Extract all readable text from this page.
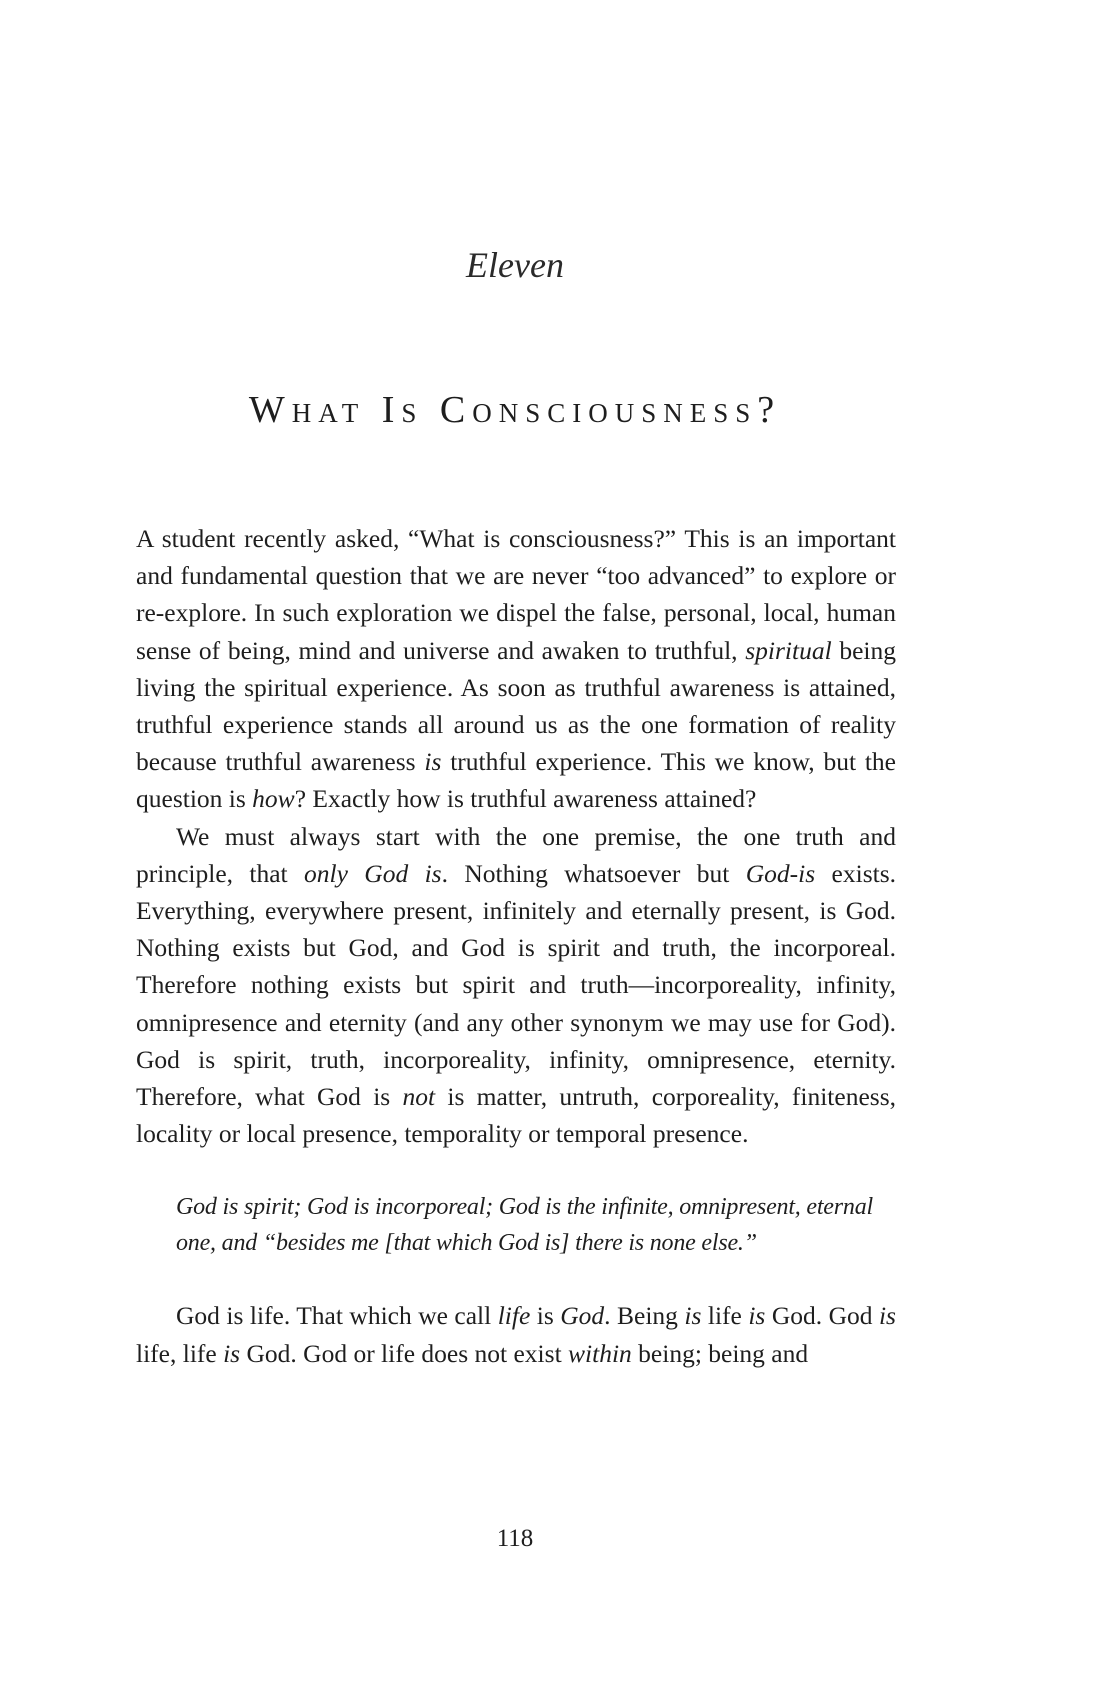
Eleven
What Is Consciousness?

A student recently asked, “What is consciousness?” This is an important and fundamental question that we are never “too advanced” to explore or re-explore. In such exploration we dispel the false, personal, local, human sense of being, mind and universe and awaken to truthful, spiritual being living the spiritual experience. As soon as truthful awareness is attained, truthful experience stands all around us as the one formation of reality because truthful awareness is truthful experience. This we know, but the question is how? Exactly how is truthful awareness attained?

We must always start with the one premise, the one truth and principle, that only God is. Nothing whatsoever but God-is exists. Everything, everywhere present, infinitely and eternally present, is God. Nothing exists but God, and God is spirit and truth, the incorporeal. Therefore nothing exists but spirit and truth—incorporeality, infinity, omnipresence and eternity (and any other synonym we may use for God). God is spirit, truth, incorporeality, infinity, omnipresence, eternity. Therefore, what God is not is matter, untruth, corporeality, finiteness, locality or local presence, temporality or temporal presence.

God is spirit; God is incorporeal; God is the infinite, omnipresent, eternal
one, and “besides me [that which God is] there is none else.”

God is life. That which we call life is God. Being is life is God. God is life, life is God. God or life does not exist within being; being and

118
